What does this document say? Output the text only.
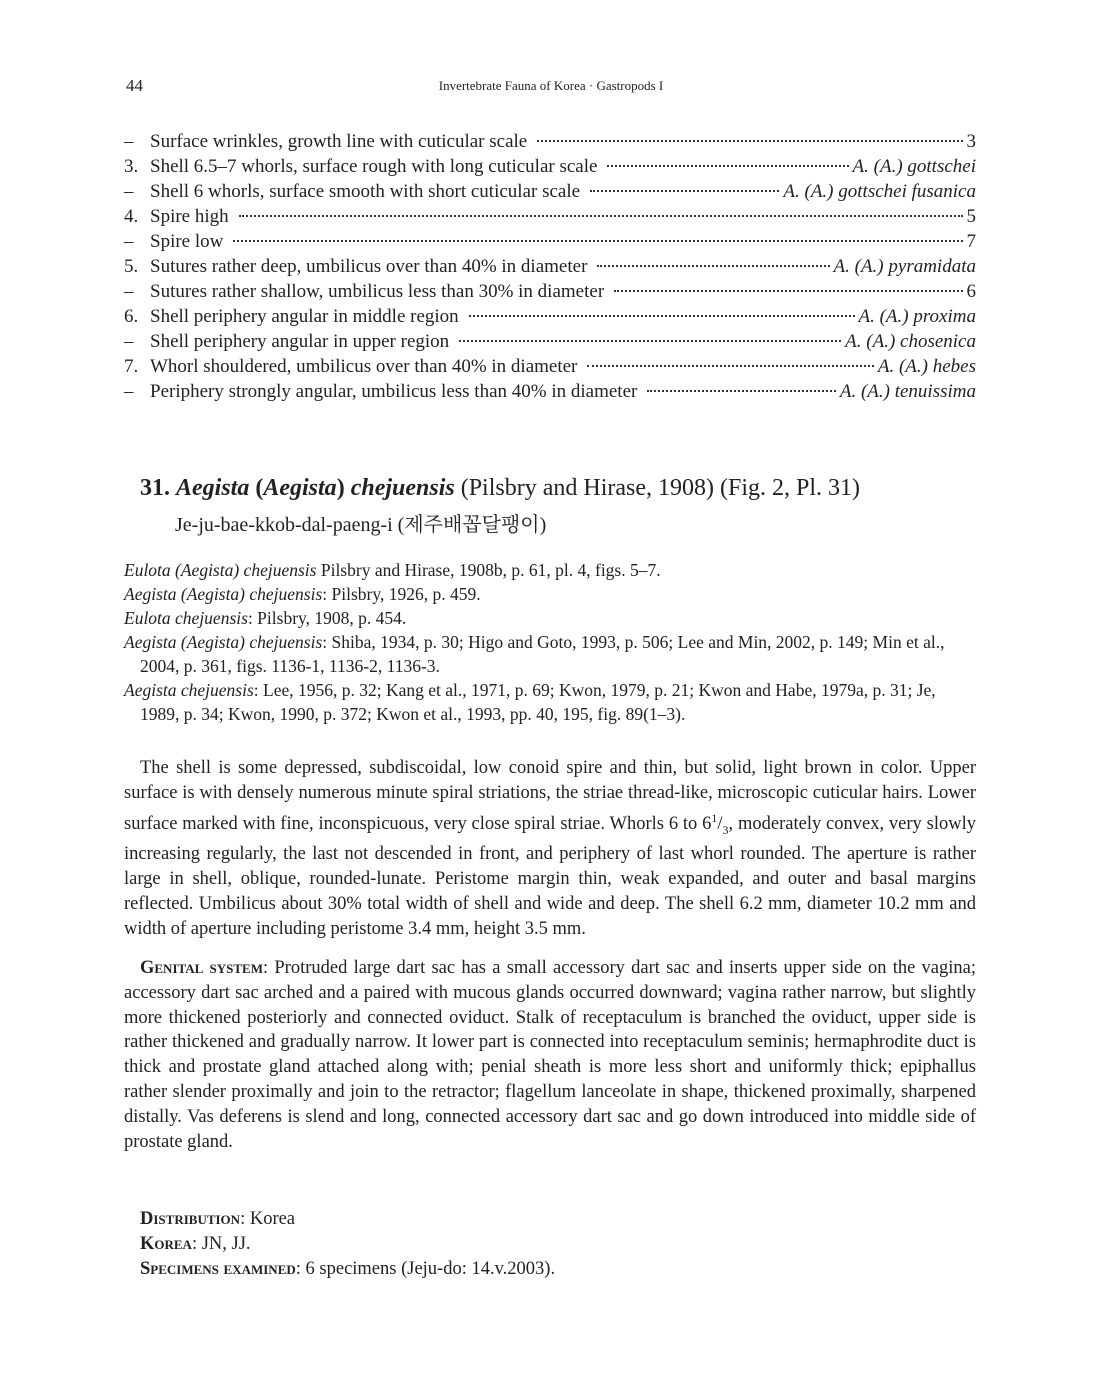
44	Invertebrate Fauna of Korea · Gastropods I
– Surface wrinkles, growth line with cuticular scale	3
3. Shell 6.5–7 whorls, surface rough with long cuticular scale	A. (A.) gottschei
– Shell 6 whorls, surface smooth with short cuticular scale	A. (A.) gottschei fusanica
4. Spire high	5
– Spire low	7
5. Sutures rather deep, umbilicus over than 40% in diameter	A. (A.) pyramidata
– Sutures rather shallow, umbilicus less than 30% in diameter	6
6. Shell periphery angular in middle region	A. (A.) proxima
– Shell periphery angular in upper region	A. (A.) chosenica
7. Whorl shouldered, umbilicus over than 40% in diameter	A. (A.) hebes
– Periphery strongly angular, umbilicus less than 40% in diameter	A. (A.) tenuissima
31. Aegista (Aegista) chejuensis (Pilsbry and Hirase, 1908) (Fig. 2, Pl. 31)
Je-ju-bae-kkob-dal-paeng-i (제주배꼽달팽이)
Eulota (Aegista) chejuensis Pilsbry and Hirase, 1908b, p. 61, pl. 4, figs. 5–7.
Aegista (Aegista) chejuensis: Pilsbry, 1926, p. 459.
Eulota chejuensis: Pilsbry, 1908, p. 454.
Aegista (Aegista) chejuensis: Shiba, 1934, p. 30; Higo and Goto, 1993, p. 506; Lee and Min, 2002, p. 149; Min et al., 2004, p. 361, figs. 1136-1, 1136-2, 1136-3.
Aegista chejuensis: Lee, 1956, p. 32; Kang et al., 1971, p. 69; Kwon, 1979, p. 21; Kwon and Habe, 1979a, p. 31; Je, 1989, p. 34; Kwon, 1990, p. 372; Kwon et al., 1993, pp. 40, 195, fig. 89(1–3).

The shell is some depressed, subdiscoidal, low conoid spire and thin, but solid, light brown in color. Upper surface is with densely numerous minute spiral striations, the striae thread-like, microscopic cuticular hairs. Lower surface marked with fine, inconspicuous, very close spiral striae. Whorls 6 to $6^1/_3$, moderately convex, very slowly increasing regularly, the last not descended in front, and periphery of last whorl rounded. The aperture is rather large in shell, oblique, rounded-lunate. Peristome margin thin, weak expanded, and outer and basal margins reflected. Umbilicus about 30% total width of shell and wide and deep. The shell 6.2 mm, diameter 10.2 mm and width of aperture including peristome 3.4 mm, height 3.5 mm.

Genital system: Protruded large dart sac has a small accessory dart sac and inserts upper side on the vagina; accessory dart sac arched and a paired with mucous glands occurred downward; vagina rather narrow, but slightly more thickened posteriorly and connected oviduct. Stalk of receptaculum is branched the oviduct, upper side is rather thickened and gradually narrow. It lower part is connected into receptaculum seminis; hermaphrodite duct is thick and prostate gland attached along with; penial sheath is more less short and uniformly thick; epiphallus rather slender proximally and join to the retractor; flagellum lanceolate in shape, thickened proximally, sharpened distally. Vas deferens is slend and long, connected accessory dart sac and go down introduced into middle side of prostate gland.

Distribution: Korea
Korea: JN, JJ.
Specimens examined: 6 specimens (Jeju-do: 14.v.2003).
